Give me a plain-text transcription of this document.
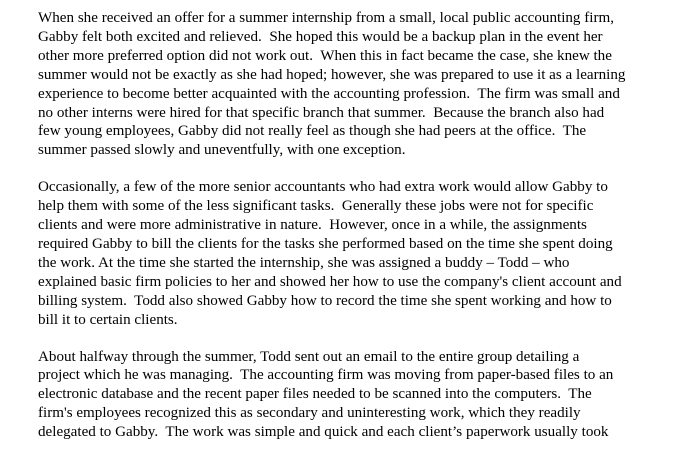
When she received an offer for a summer internship from a small, local public accounting firm,
Gabby felt both excited and relieved.  She hoped this would be a backup plan in the event her
other more preferred option did not work out.  When this in fact became the case, she knew the
summer would not be exactly as she had hoped; however, she was prepared to use it as a learning
experience to become better acquainted with the accounting profession.  The firm was small and
no other interns were hired for that specific branch that summer.  Because the branch also had
few young employees, Gabby did not really feel as though she had peers at the office.  The
summer passed slowly and uneventfully, with one exception.

Occasionally, a few of the more senior accountants who had extra work would allow Gabby to
help them with some of the less significant tasks.  Generally these jobs were not for specific
clients and were more administrative in nature.  However, once in a while, the assignments
required Gabby to bill the clients for the tasks she performed based on the time she spent doing
the work. At the time she started the internship, she was assigned a buddy – Todd – who
explained basic firm policies to her and showed her how to use the company's client account and
billing system.  Todd also showed Gabby how to record the time she spent working and how to
bill it to certain clients.

About halfway through the summer, Todd sent out an email to the entire group detailing a
project which he was managing.  The accounting firm was moving from paper-based files to an
electronic database and the recent paper files needed to be scanned into the computers.  The
firm's employees recognized this as secondary and uninteresting work, which they readily
delegated to Gabby.  The work was simple and quick and each client’s paperwork usually took
